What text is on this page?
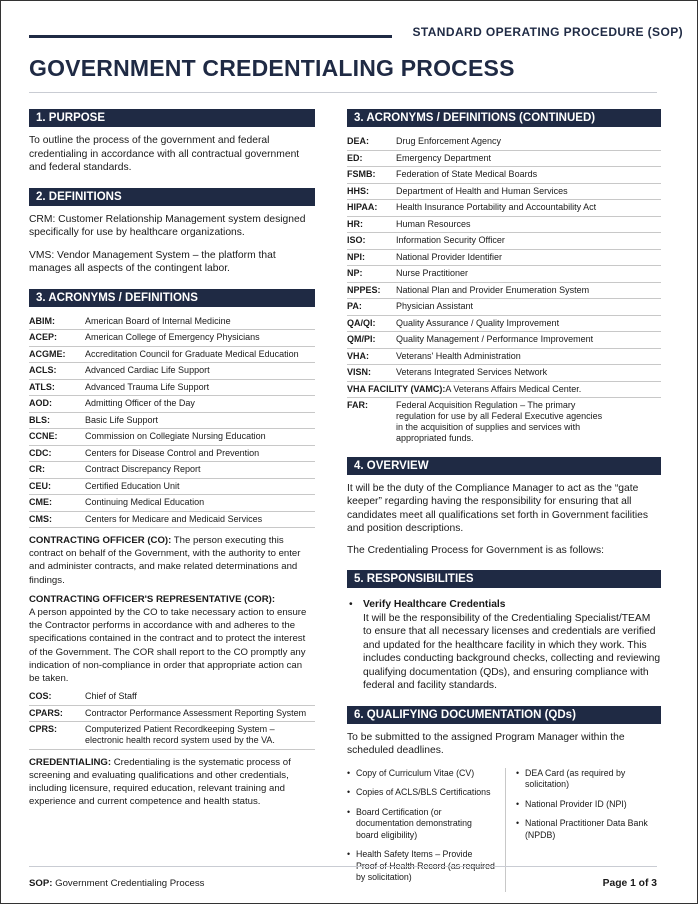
STANDARD OPERATING PROCEDURE (SOP)
GOVERNMENT CREDENTIALING PROCESS
1. PURPOSE

To outline the process of the government and federal credentialing in accordance with all contractual government and federal standards.

2. DEFINITIONS

CRM: Customer Relationship Management system designed specifically for use by healthcare organizations.

VMS: Vendor Management System – the platform that manages all aspects of the contingent labor.

3. ACRONYMS / DEFINITIONS
ABIM:	American Board of Internal Medicine
ACEP:	American College of Emergency Physicians
ACGME:	Accreditation Council for Graduate Medical Education
ACLS:	Advanced Cardiac Life Support
ATLS:	Advanced Trauma Life Support
AOD:	Admitting Officer of the Day
BLS:	Basic Life Support
CCNE:	Commission on Collegiate Nursing Education
CDC:	Centers for Disease Control and Prevention
CR:	Contract Discrepancy Report
CEU:	Certified Education Unit
CME:	Continuing Medical Education
CMS:	Centers for Medicare and Medicaid Services
CONTRACTING OFFICER (CO): The person executing this contract on behalf of the Government, with the authority to enter and administer contracts, and make related determinations and findings.
CONTRACTING OFFICER'S REPRESENTATIVE (COR):
A person appointed by the CO to take necessary action to ensure the Contractor performs in accordance with and adheres to the specifications contained in the contract and to protect the interest of the Government. The COR shall report to the CO promptly any indication of non-compliance in order that appropriate action can be taken.
COS:	Chief of Staff
CPARS:	Contractor Performance Assessment Reporting System
CPRS:	Computerized Patient Recordkeeping System – electronic health record system used by the VA.
CREDENTIALING: Credentialing is the systematic process of screening and evaluating qualifications and other credentials, including licensure, required education, relevant training and experience and current competence and health status.
3. ACRONYMS / DEFINITIONS (CONTINUED)
DEA:	Drug Enforcement Agency
ED:	Emergency Department
FSMB:	Federation of State Medical Boards
HHS:	Department of Health and Human Services
HIPAA:	Health Insurance Portability and Accountability Act
HR:	Human Resources
ISO:	Information Security Officer
NPI:	National Provider Identifier
NP:	Nurse Practitioner
NPPES:	National Plan and Provider Enumeration System
PA:	Physician Assistant
QA/QI:	Quality Assurance / Quality Improvement
QM/PI:	Quality Management / Performance Improvement
VHA:	Veterans' Health Administration
VISN:	Veterans Integrated Services Network
VHA FACILITY (VAMC): A Veterans Affairs Medical Center.
FAR:	Federal Acquisition Regulation – The primary regulation for use by all Federal Executive agencies in the acquisition of supplies and services with appropriated funds.
4. OVERVIEW

It will be the duty of the Compliance Manager to act as the “gate keeper” regarding having the responsibility for ensuring that all candidates meet all qualifications set forth in Government facilities and position descriptions.

The Credentialing Process for Government is as follows:

5. RESPONSIBILITIES
• Verify Healthcare Credentials
It will be the responsibility of the Credentialing Specialist/TEAM to ensure that all necessary licenses and credentials are verified and updated for the healthcare facility in which they work. This includes conducting background checks, collecting and reviewing qualifying documentation (QDs), and ensuring compliance with federal and facility standards.
6. QUALIFYING DOCUMENTATION (QDs)

To be submitted to the assigned Program Manager within the scheduled deadlines.

• Copy of Curriculum Vitae (CV)
• Copies of ACLS/BLS Certifications
• Board Certification (or documentation demonstrating board eligibility)
• Health Safety Items – Provide by solicitation)
• DEA Card (as required by solicitation)
• National Provider ID (NPI)
• National Practitioner Data Bank (NPDB)
SOP: Government Credentialing Process	Page 1 of 3
